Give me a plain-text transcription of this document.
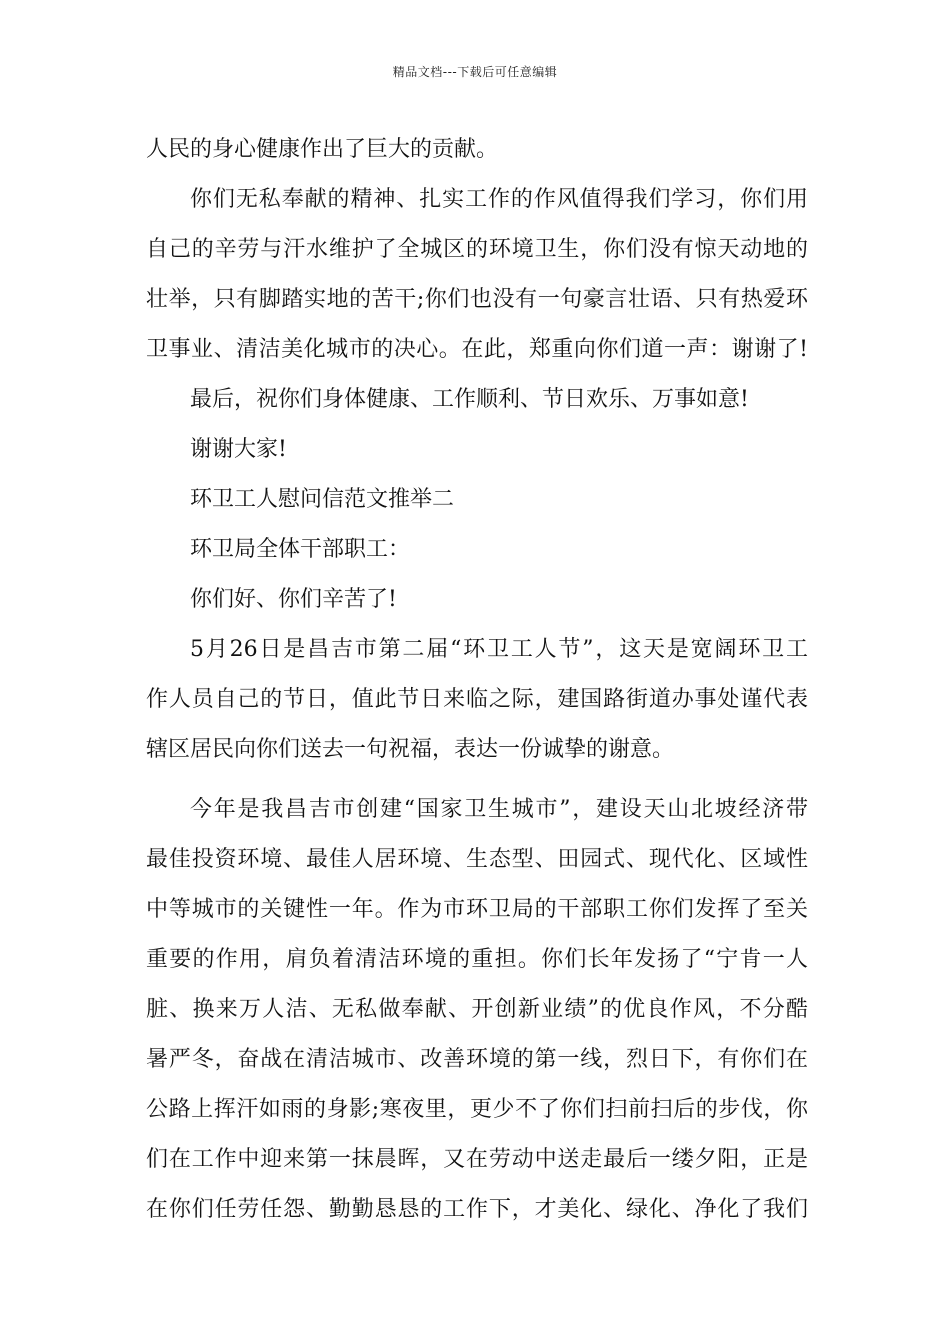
精品文档---下载后可任意编辑
人民的身心健康作出了巨大的贡献。
你们无私奉献的精神、扎实工作的作风值得我们学习，你们用
自己的辛劳与汗水维护了全城区的环境卫生，你们没有惊天动地的
壮举，只有脚踏实地的苦干;你们也没有一句豪言壮语、只有热爱环
卫事业、清洁美化城市的决心。在此，郑重向你们道一声：谢谢了!
最后，祝你们身体健康、工作顺利、节日欢乐、万事如意!
谢谢大家!
环卫工人慰问信范文推举二
环卫局全体干部职工：
你们好、你们辛苦了!
5月26日是昌吉市第二届“环卫工人节”，这天是宽阔环卫工
作人员自己的节日，值此节日来临之际，建国路街道办事处谨代表
辖区居民向你们送去一句祝福，表达一份诚挚的谢意。
今年是我昌吉市创建“国家卫生城市”，建设天山北坡经济带
最佳投资环境、最佳人居环境、生态型、田园式、现代化、区域性
中等城市的关键性一年。作为市环卫局的干部职工你们发挥了至关
重要的作用，肩负着清洁环境的重担。你们长年发扬了“宁肯一人
脏、换来万人洁、无私做奉献、开创新业绩”的优良作风，不分酷
暑严冬，奋战在清洁城市、改善环境的第一线，烈日下，有你们在
公路上挥汗如雨的身影;寒夜里，更少不了你们扫前扫后的步伐，你
们在工作中迎来第一抹晨晖，又在劳动中送走最后一缕夕阳，正是
在你们任劳任怨、勤勤恳恳的工作下，才美化、绿化、净化了我们
